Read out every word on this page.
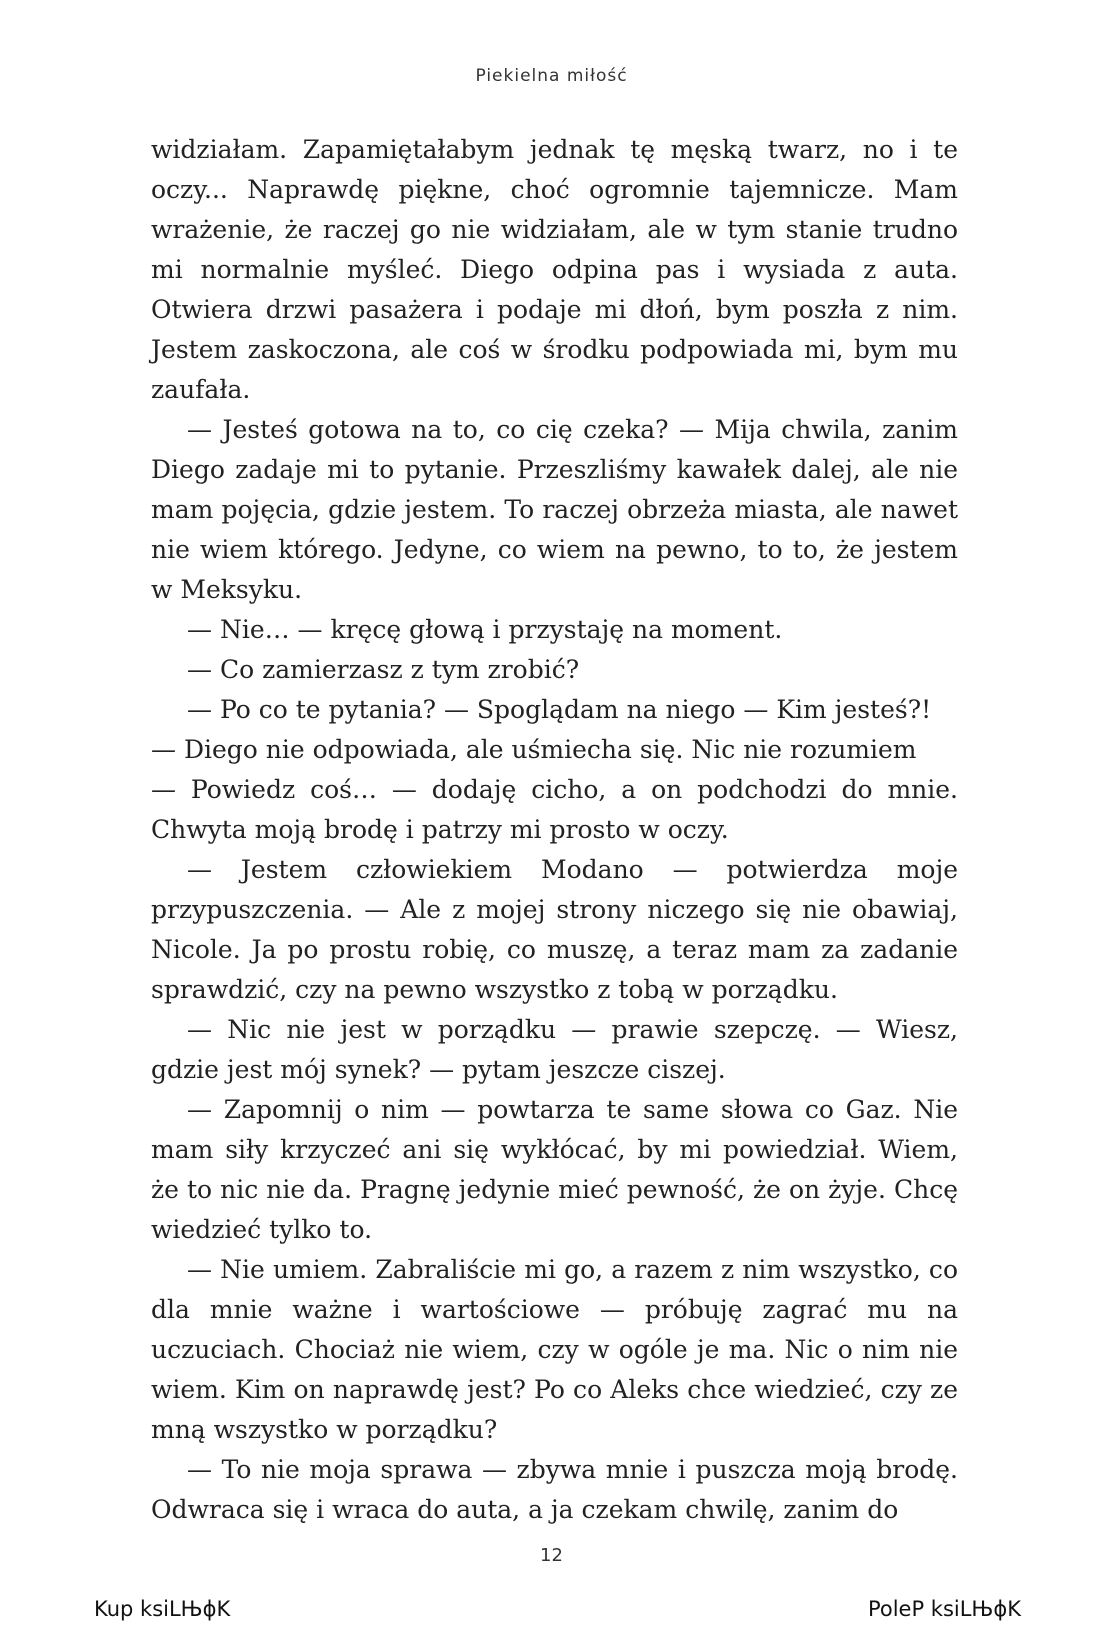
Piekielna miłość

widziałam. Zapamiętałabym jednak tę męską twarz, no i te oczy... Naprawdę piękne, choć ogromnie tajemnicze. Mam wrażenie, że raczej go nie widziałam, ale w tym stanie trudno mi normalnie myśleć. Diego odpina pas i wysiada z auta. Otwiera drzwi pasażera i podaje mi dłoń, bym poszła z nim. Jestem zaskoczona, ale coś w środku podpowiada mi, bym mu zaufała.

— Jesteś gotowa na to, co cię czeka? — Mija chwila, zanim Diego zadaje mi to pytanie. Przeszliśmy kawałek dalej, ale nie mam pojęcia, gdzie jestem. To raczej obrzeża miasta, ale nawet nie wiem którego. Jedyne, co wiem na pewno, to to, że jestem w Meksyku.

— Nie… — kręcę głową i przystaję na moment.

— Co zamierzasz z tym zrobić?

— Po co te pytania? — Spoglądam na niego — Kim jesteś?!

— Diego nie odpowiada, ale uśmiecha się. Nic nie rozumiem

— Powiedz coś… — dodaję cicho, a on podchodzi do mnie. Chwyta moją brodę i patrzy mi prosto w oczy.

— Jestem człowiekiem Modano — potwierdza moje przypuszczenia. — Ale z mojej strony niczego się nie obawiaj, Nicole. Ja po prostu robię, co muszę, a teraz mam za zadanie sprawdzić, czy na pewno wszystko z tobą w porządku.

— Nic nie jest w porządku — prawie szepczę. — Wiesz, gdzie jest mój synek? — pytam jeszcze ciszej.

— Zapomnij o nim — powtarza te same słowa co Gaz. Nie mam siły krzyczeć ani się wykłócać, by mi powiedział. Wiem, że to nic nie da. Pragnę jedynie mieć pewność, że on żyje. Chcę wiedzieć tylko to.

— Nie umiem. Zabraliście mi go, a razem z nim wszystko, co dla mnie ważne i wartościowe — próbuję zagrać mu na uczuciach. Chociaż nie wiem, czy w ogóle je ma. Nic o nim nie wiem. Kim on naprawdę jest? Po co Aleks chce wiedzieć, czy ze mną wszystko w porządku?

— To nie moja sprawa — zbywa mnie i puszcza moją brodę. Odwraca się i wraca do auta, a ja czekam chwilę, zanim do

12
Kup ksiLЊϕK	PoleP ksiLЊϕK
